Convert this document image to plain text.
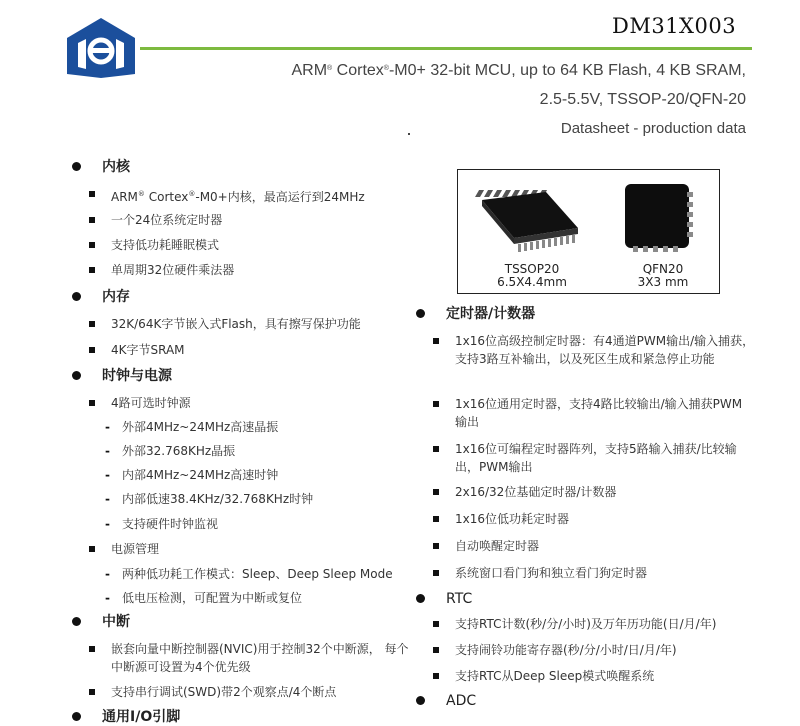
DM31X003
ARM® Cortex®-M0+ 32-bit MCU, up to 64 KB Flash, 4 KB SRAM,
2.5-5.5V, TSSOP-20/QFN-20
Datasheet - production data
TSSOP20
6.5X4.4mm
QFN20
3X3 mm
内核
ARM® Cortex®-M0+内核，最高运行到24MHz
一个24位系统定时器
支持低功耗睡眠模式
单周期32位硬件乘法器
内存
32K/64K字节嵌入式Flash，具有擦写保护功能
4K字节SRAM
时钟与电源
4路可选时钟源
- 外部4MHz~24MHz高速晶振
- 外部32.768KHz晶振
- 内部4MHz~24MHz高速时钟
- 内部低速38.4KHz/32.768KHz时钟
- 支持硬件时钟监视
电源管理
- 两种低功耗工作模式：Sleep、Deep Sleep Mode
- 低电压检测，可配置为中断或复位
中断
嵌套向量中断控制器(NVIC)用于控制32个中断源， 每个中断源可设置为4个优先级
支持串行调试(SWD)带2个观察点/4个断点
通用I/O引脚
定时器/计数器
1x16位高级控制定时器：有4通道PWM输出/输入捕获，支持3路互补输出，以及死区生成和紧急停止功能
1x16位通用定时器，支持4路比较输出/输入捕获PWM输出
1x16位可编程定时器阵列，支持5路输入捕获/比较输出，PWM输出
2x16/32位基础定时器/计数器
1x16位低功耗定时器
自动唤醒定时器
系统窗口看门狗和独立看门狗定时器
RTC
支持RTC计数(秒/分/小时)及万年历功能(日/月/年)
支持闹铃功能寄存器(秒/分/小时/日/月/年)
支持RTC从Deep Sleep模式唤醒系统
ADC
